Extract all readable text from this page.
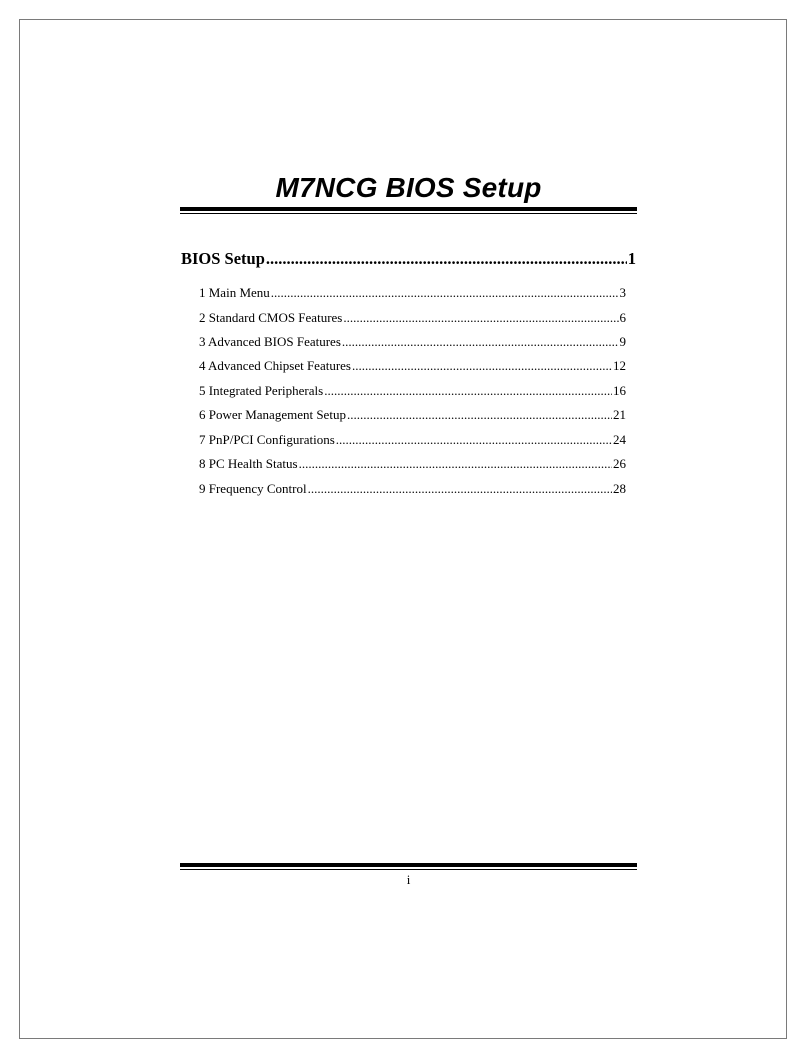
M7NCG BIOS Setup
BIOS Setup .....	1
1 Main Menu .....	3
2 Standard CMOS Features .....	6
3 Advanced BIOS Features .....	9
4 Advanced Chipset Features .....	12
5 Integrated Peripherals .....	16
6 Power Management Setup .....	21
7 PnP/PCI Configurations .....	24
8 PC Health Status .....	26
9 Frequency Control .....	28
i
